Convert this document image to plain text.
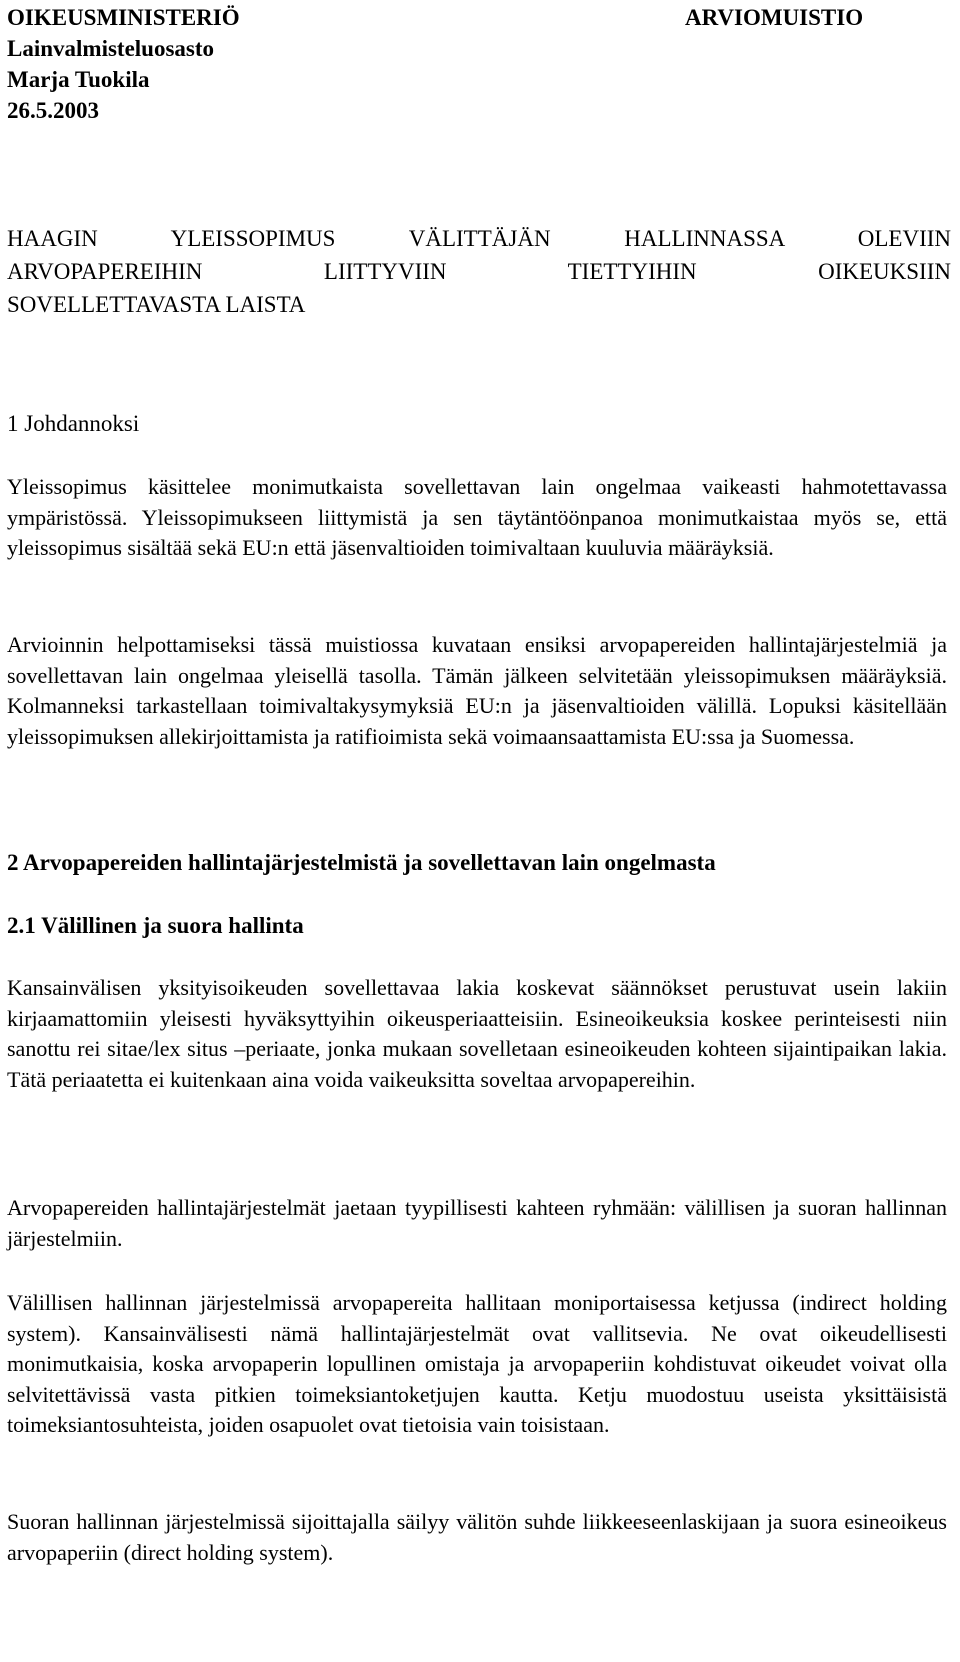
OIKEUSMINISTERIÖ
Lainvalmisteluosasto
Marja Tuokila
26.5.2003
ARVIOMUISTIO
HAAGIN YLEISSOPIMUS VÄLITTÄJÄN HALLINNASSA OLEVIIN
ARVOPAPEREIHIN LIITTYVIIN TIETTYIHIN OIKEUKSIIN
SOVELLETTAVASTA LAISTA
1 Johdannoksi
Yleissopimus käsittelee monimutkaista sovellettavan lain ongelmaa vaikeasti hahmotettavassa ympäristössä. Yleissopimukseen liittymistä ja sen täytäntöönpanoa monimutkaistaa myös se, että yleissopimus sisältää sekä EU:n että jäsenvaltioiden toimivaltaan kuuluvia määräyksiä.
Arvioinnin helpottamiseksi tässä muistiossa kuvataan ensiksi arvopapereiden hallintajärjestelmiä ja sovellettavan lain ongelmaa yleisellä tasolla. Tämän jälkeen selvitetään yleissopimuksen määräyksiä. Kolmanneksi tarkastellaan toimivaltakysymyksiä EU:n ja jäsenvaltioiden välillä. Lopuksi käsitellään yleissopimuksen allekirjoittamista ja ratifioimista sekä voimaansaattamista EU:ssa ja Suomessa.
2 Arvopapereiden hallintajärjestelmistä ja sovellettavan lain ongelmasta
2.1 Välillinen ja suora hallinta
Kansainvälisen yksityisoikeuden sovellettavaa lakia koskevat säännökset perustuvat usein lakiin kirjaamattomiin yleisesti hyväksyttyihin oikeusperiaatteisiin. Esineoikeuksia koskee perinteisesti niin sanottu rei sitae/lex situs –periaate, jonka mukaan sovelletaan esineoikeuden kohteen sijaintipaikan lakia. Tätä periaatetta ei kuitenkaan aina voida vaikeuksitta soveltaa arvopapereihin.
Arvopapereiden hallintajärjestelmät jaetaan tyypillisesti kahteen ryhmään: välillisen ja suoran hallinnan järjestelmiin.
Välillisen hallinnan järjestelmissä arvopapereita hallitaan moniportaisessa ketjussa (indirect holding system). Kansainvälisesti nämä hallintajärjestelmät ovat vallitsevia. Ne ovat oikeudellisesti monimutkaisia, koska arvopaperin lopullinen omistaja ja arvopaperiin kohdistuvat oikeudet voivat olla selvitettävissä vasta pitkien toimeksiantoketjujen kautta. Ketju muodostuu useista yksittäisistä toimeksiantosuhteista, joiden osapuolet ovat tietoisia vain toisistaan.
Suoran hallinnan järjestelmissä sijoittajalla säilyy välitön suhde liikkeeseenlaskijaan ja suora esineoikeus arvopaperiin (direct holding system).
